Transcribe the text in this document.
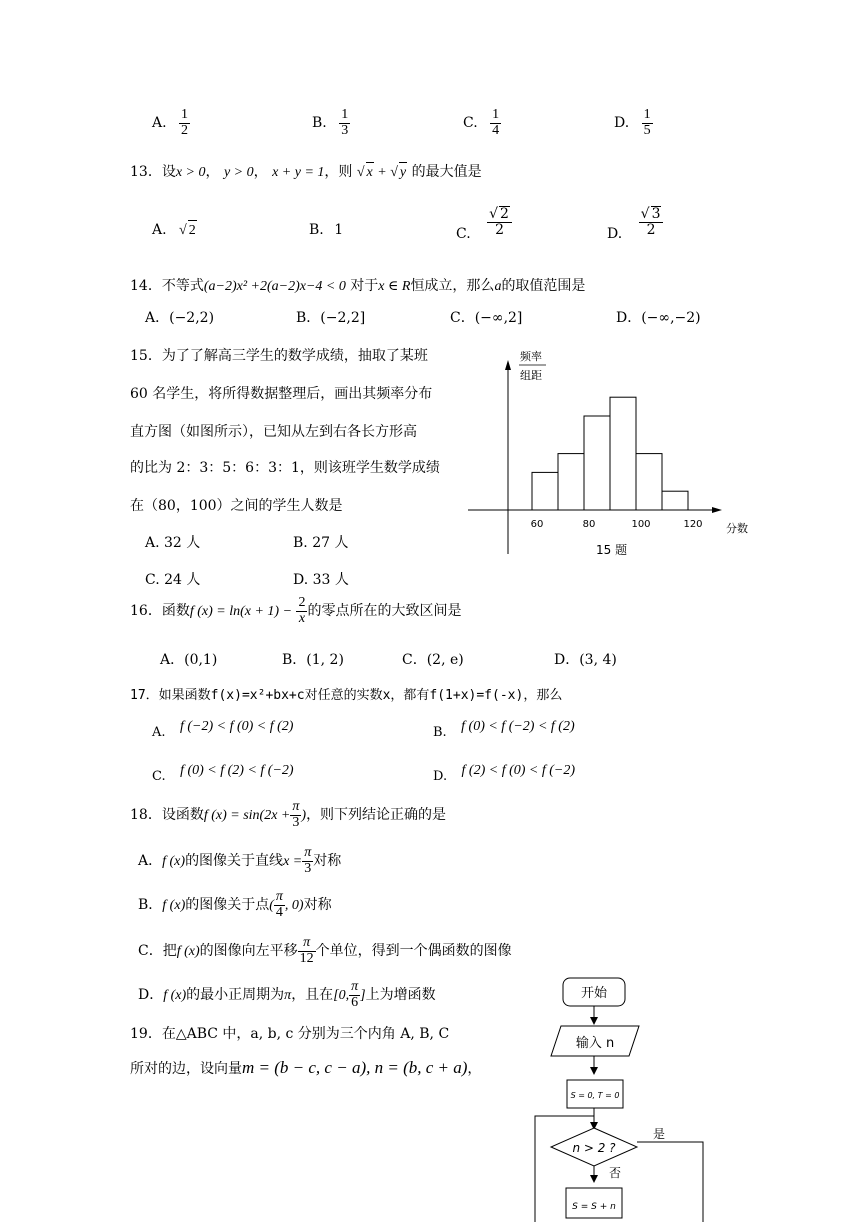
A. $\frac{1}{2}$	B. $\frac{1}{3}$	C. $\frac{1}{4}$	D. $\frac{1}{5}$
13．设x > 0， y > 0， x + y = 1，则 √ x + √ y 的最大值是
A. √ 2	B. 1	C. $\frac{√ 2}{2}$	D. $\frac{√ 3}{2}$
14．不等式(a−2)x² +2(a−2)x−4 < 0 对于x ∈ R恒成立，那么a的取值范围是
A．(−2,2)	B．(−2,2]	C．(−∞,2]	D．(−∞,−2)
15．为了了解高三学生的数学成绩，抽取了某班
60 名学生，将所得数据整理后，画出其频率分布
直方图（如图所示），已知从左到右各长方形高
的比为 2：3：5：6：3：1，则该班学生数学成绩
在（80，100）之间的学生人数是
A. 32 人	B. 27 人
C. 24 人	D. 33 人
频率
组距
60	80	100	120 分数
15 题
16．函数f $(x) = \ln(x + 1) - \frac{2}{x}$ 的零点所在的大致区间是
A．(0,1)	B．(1, 2)	C．(2, e)	D．(3, 4)
17．如果函数f(x)=x²+bx+c对任意的实数x，都有f(1+x)=f(-x)，那么
A. f (−2) < f (0) < f (2)	B. f (0) < f (−2) < f (2)
C. f (0) < f (2) < f (−2)	D. f (2) < f (0) < f (−2)
18．设函数f $(x) = \sin(2x + \frac{\pi}{3}$ )，则下列结论正确的是
A．f (x)的图像关于直线$x = \frac{\pi}{3}$ 对称
B．f (x)的图像关于点( $\frac{\pi}{4}$ , 0)对称
C．把f (x)的图像向左平移 $\frac{\pi}{12}$ 个单位，得到一个偶函数的图像
D．f (x)的最小正周期为π，且在[0, $\frac{\pi}{6}$ ]上为增函数
19．在△ABC 中，a, b, c 分别为三个内角 A, B, C
所对的边，设向量m = (b − c, c − a), n = (b, c + a)，
开始
输入 n
S = 0, T = 0
n > 2 ?
是
否
S = S + n
